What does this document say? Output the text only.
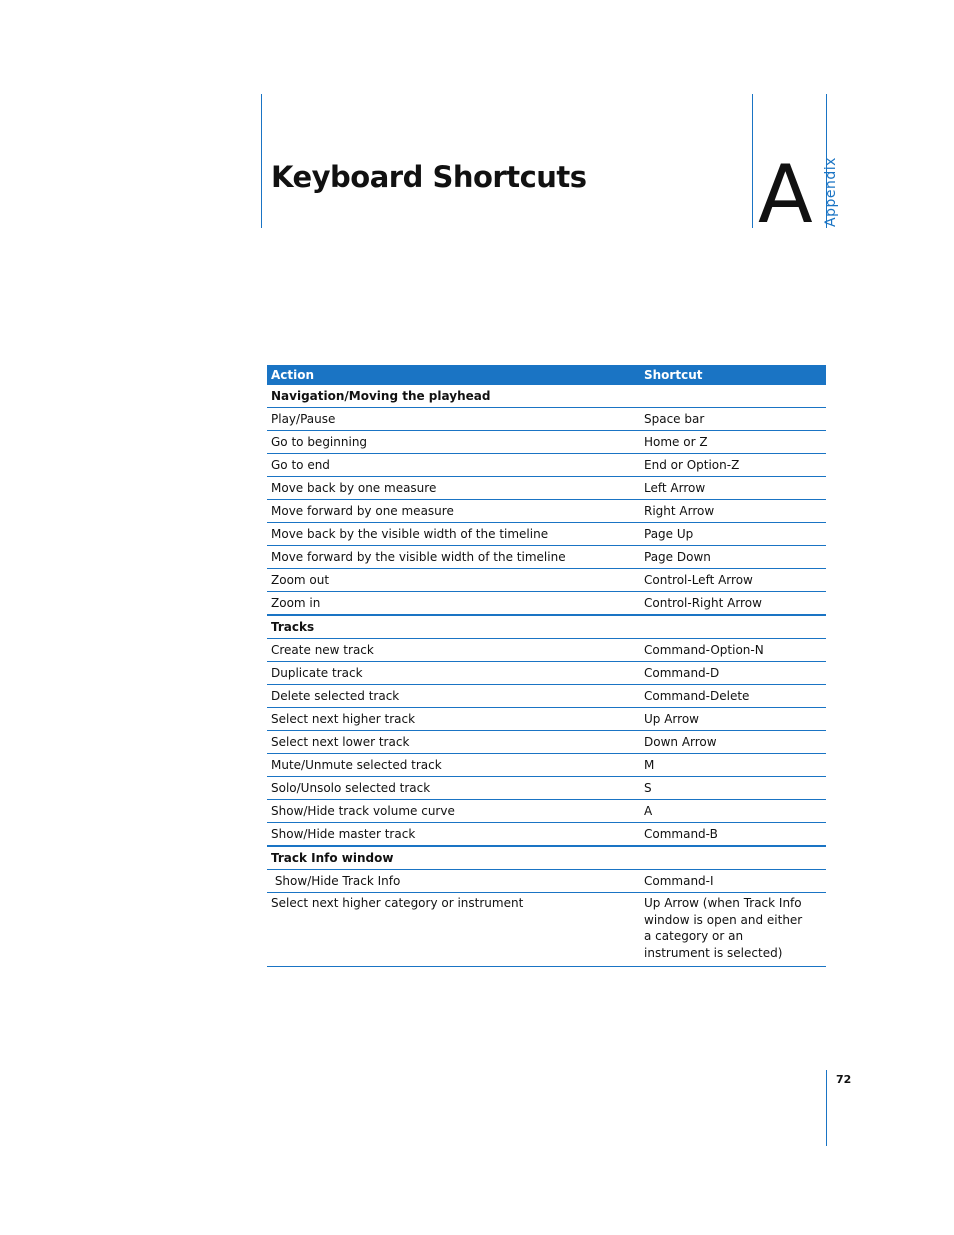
Keyboard Shortcuts A Appendix
Action	Shortcut
Navigation/Moving the playhead	
Play/Pause	Space bar
Go to beginning	Home or Z
Go to end	End or Option-Z
Move back by one measure	Left Arrow
Move forward by one measure	Right Arrow
Move back by the visible width of the timeline	Page Up
Move forward by the visible width of the timeline	Page Down
Zoom out	Control-Left Arrow
Zoom in	Control-Right Arrow
Tracks	
Create new track	Command-Option-N
Duplicate track	Command-D
Delete selected track	Command-Delete
Select next higher track	Up Arrow
Select next lower track	Down Arrow
Mute/Unmute selected track	M
Solo/Unsolo selected track	S
Show/Hide track volume curve	A
Show/Hide master track	Command-B
Track Info window	
Show/Hide Track Info	Command-I
Select next higher category or instrument	Up Arrow (when Track Info window is open and either a category or an instrument is selected)
72
